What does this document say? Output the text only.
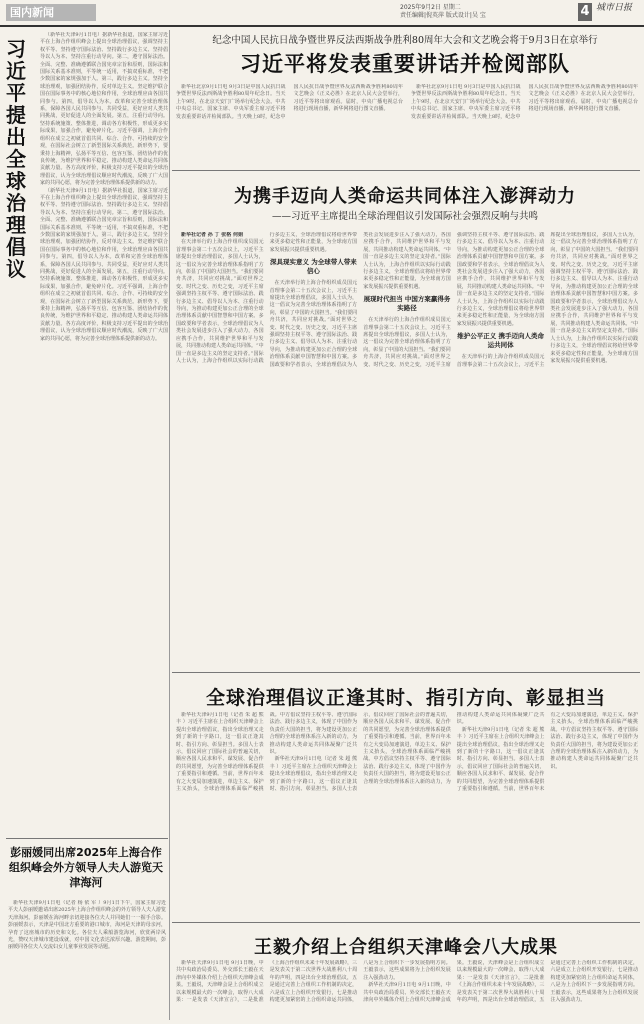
国内新闻	2025年9月2日 星期二
责任编辑|倪英萍 版式设计|吴 宝	4 城市日报
习近平提出全球治理倡议

（新华社天津9月1日电）据新华社报道，国家主席习近平在上海合作组织峰会上提出全球治理倡议，强调坚持主权平等、坚持遵守国际法治、坚持践行多边主义、坚持倡导以人为本、坚持注重行动导向。第二，遵守国际法治。全面、完整、准确遵循联合国宪章宗旨和原则，国际法和国际关系基本准则，平等统一适用，不搞双重标准，不把少数国家的家规强加于人。第三，践行多边主义。坚持全球治理观，加强团结协作，反对单边主义。坚定维护联合国在国际事务中的核心地位和作用，全球治理应由各国共同参与。第四，倡导以人为本。改革和完善全球治理体系，保障各国人民共同参与、共同受益，更好应对人类共同挑战，更好促进人的全面发展。第五，注重行动导向。坚持系统施策、整体推进，调动各方积极性，形成更多实际成果，加强合作，避免碎片化。习近平强调，上海合作组织在成立之初就首倡共同、综合、合作、可持续的安全观，在国际社会树立了新型国际关系典范。新形势下，要秉持上海精神，弘扬平等互信、包容互鉴、团结协作的优良传统，为维护世界和平稳定、推动构建人类命运共同体贡献力量。各方高度评价，积极支持习近平提出的全球治理倡议，认为全球治理倡议顺应时代潮流，反映了广大国家的共同心愿，将为完善全球治理体系提供新的动力。

（新华社天津9月1日电）据新华社报道，国家主席习近平在上海合作组织峰会上提出全球治理倡议，强调坚持主权平等、坚持遵守国际法治、坚持践行多边主义、坚持倡导以人为本、坚持注重行动导向。第二，遵守国际法治。全面、完整、准确遵循联合国宪章宗旨和原则，国际法和国际关系基本准则，平等统一适用，不搞双重标准，不把少数国家的家规强加于人。第三，践行多边主义。坚持全球治理观，加强团结协作，反对单边主义。坚定维护联合国在国际事务中的核心地位和作用，全球治理应由各国共同参与。第四，倡导以人为本。改革和完善全球治理体系，保障各国人民共同参与、共同受益，更好应对人类共同挑战，更好促进人的全面发展。第五，注重行动导向。坚持系统施策、整体推进，调动各方积极性，形成更多实际成果，加强合作，避免碎片化。习近平强调，上海合作组织在成立之初就首倡共同、综合、合作、可持续的安全观，在国际社会树立了新型国际关系典范。新形势下，要秉持上海精神，弘扬平等互信、包容互鉴、团结协作的优良传统，为维护世界和平稳定、推动构建人类命运共同体贡献力量。各方高度评价，积极支持习近平提出的全球治理倡议，认为全球治理倡议顺应时代潮流，反映了广大国家的共同心愿，将为完善全球治理体系提供新的动力。

纪念中国人民抗日战争暨世界反法西斯战争胜利80周年大会和文艺晚会将于9月3日在京举行
习近平将发表重要讲话并检阅部队

新华社北京9月1日电 9月3日是中国人民抗日战争暨世界反法西斯战争胜利80周年纪念日。当天上午9时，在北京天安门广场举行纪念大会。中共中央总书记、国家主席、中央军委主席习近平将发表重要讲话并检阅部队。当天晚上8时，纪念中国人民抗日战争暨世界反法西斯战争胜利80周年文艺晚会《正义必胜》在北京人民大会堂举行，习近平等将出席观看。届时，中央广播电视总台将进行现场直播，新华网将进行图文直播。

新华社北京9月1日电 9月3日是中国人民抗日战争暨世界反法西斯战争胜利80周年纪念日。当天上午9时，在北京天安门广场举行纪念大会。中共中央总书记、国家主席、中央军委主席习近平将发表重要讲话并检阅部队。当天晚上8时，纪念中国人民抗日战争暨世界反法西斯战争胜利80周年文艺晚会《正义必胜》在北京人民大会堂举行，习近平等将出席观看。届时，中央广播电视总台将进行现场直播，新华网将进行图文直播。

为携手迈向人类命运共同体注入澎湃动力
——习近平主席提出全球治理倡议引发国际社会强烈反响与共鸣

新华社记者 孙 丁 张格 何娟

在天津举行的上海合作组织成员国元首理事会第二十五次会议上，习近平主席提出全球治理倡议，多国人士认为，这一倡议为完善全球治理体系指明了方向，彰显了中国的大国担当。“我们要同舟共济，共同应对挑战。”面对世界之变、时代之变、历史之变，习近平主席强调坚持主权平等、遵守国际法治、践行多边主义、倡导以人为本、注重行动导向，为推动构建更加公正合理的全球治理体系贡献中国智慧和中国方案。多国政要和学者表示，全球治理倡议为人类社会发展进步注入了强大动力，各国应携手合作，共同维护世界和平与发展，共同推动构建人类命运共同体。“中国一直是多边主义的坚定支持者。”国际人士认为，上海合作组织以实际行动践行多边主义，全球治理倡议将给世界带来更多稳定性和正能量，为全球南方国家发展振兴提供重要机遇。

深具现实意义 为全球带人带来信心

在天津举行的上海合作组织成员国元首理事会第二十五次会议上，习近平主席提出全球治理倡议，多国人士认为，这一倡议为完善全球治理体系指明了方向，彰显了中国的大国担当。“我们要同舟共济，共同应对挑战。”面对世界之变、时代之变、历史之变，习近平主席强调坚持主权平等、遵守国际法治、践行多边主义、倡导以人为本、注重行动导向，为推动构建更加公正合理的全球治理体系贡献中国智慧和中国方案。多国政要和学者表示，全球治理倡议为人类社会发展进步注入了强大动力，各国应携手合作，共同维护世界和平与发展，共同推动构建人类命运共同体。“中国一直是多边主义的坚定支持者。”国际人士认为，上海合作组织以实际行动践行多边主义，全球治理倡议将给世界带来更多稳定性和正能量，为全球南方国家发展振兴提供重要机遇。

展现时代担当 中国方案赢得务实路径

在天津举行的上海合作组织成员国元首理事会第二十五次会议上，习近平主席提出全球治理倡议，多国人士认为，这一倡议为完善全球治理体系指明了方向，彰显了中国的大国担当。“我们要同舟共济，共同应对挑战。”面对世界之变、时代之变、历史之变，习近平主席强调坚持主权平等、遵守国际法治、践行多边主义、倡导以人为本、注重行动导向，为推动构建更加公正合理的全球治理体系贡献中国智慧和中国方案。多国政要和学者表示，全球治理倡议为人类社会发展进步注入了强大动力，各国应携手合作，共同维护世界和平与发展，共同推动构建人类命运共同体。“中国一直是多边主义的坚定支持者。”国际人士认为，上海合作组织以实际行动践行多边主义，全球治理倡议将给世界带来更多稳定性和正能量，为全球南方国家发展振兴提供重要机遇。

维护公平正义 携手迈向人类命运共同体

在天津举行的上海合作组织成员国元首理事会第二十五次会议上，习近平主席提出全球治理倡议，多国人士认为，这一倡议为完善全球治理体系指明了方向，彰显了中国的大国担当。“我们要同舟共济，共同应对挑战。”面对世界之变、时代之变、历史之变，习近平主席强调坚持主权平等、遵守国际法治、践行多边主义、倡导以人为本、注重行动导向，为推动构建更加公正合理的全球治理体系贡献中国智慧和中国方案。多国政要和学者表示，全球治理倡议为人类社会发展进步注入了强大动力，各国应携手合作，共同维护世界和平与发展，共同推动构建人类命运共同体。“中国一直是多边主义的坚定支持者。”国际人士认为，上海合作组织以实际行动践行多边主义，全球治理倡议将给世界带来更多稳定性和正能量，为全球南方国家发展振兴提供重要机遇。

全球治理倡议正逢其时、指引方向、彰显担当

新华社天津9月1日电（记者 朱 超 熊 丰 ）习近平主席在上合组织天津峰会上提出全球治理倡议，指出全球治理又走到了新的十字路口，这一倡议正逢其时、指引方向、彰显担当。多国人士表示，倡议回应了国际社会的普遍关切，顺应各国人民求和平、谋发展、促合作的共同愿望，为完善全球治理体系提供了重要指引和遵循。当前，世界百年未有之大变局加速演进，单边主义、保护主义抬头，全球治理体系面临严峻挑战。中方倡议坚持主权平等、遵守国际法治、践行多边主义，体现了中国作为负责任大国的担当，将为建设更加公正合理的全球治理体系注入新的动力，为推动构建人类命运共同体凝聚广泛共识。

新华社天津9月1日电（记者 朱 超 熊 丰 ）习近平主席在上合组织天津峰会上提出全球治理倡议，指出全球治理又走到了新的十字路口，这一倡议正逢其时、指引方向、彰显担当。多国人士表示，倡议回应了国际社会的普遍关切，顺应各国人民求和平、谋发展、促合作的共同愿望，为完善全球治理体系提供了重要指引和遵循。当前，世界百年未有之大变局加速演进，单边主义、保护主义抬头，全球治理体系面临严峻挑战。中方倡议坚持主权平等、遵守国际法治、践行多边主义，体现了中国作为负责任大国的担当，将为建设更加公正合理的全球治理体系注入新的动力，为推动构建人类命运共同体凝聚广泛共识。

新华社天津9月1日电（记者 朱 超 熊 丰 ）习近平主席在上合组织天津峰会上提出全球治理倡议，指出全球治理又走到了新的十字路口，这一倡议正逢其时、指引方向、彰显担当。多国人士表示，倡议回应了国际社会的普遍关切，顺应各国人民求和平、谋发展、促合作的共同愿望，为完善全球治理体系提供了重要指引和遵循。当前，世界百年未有之大变局加速演进，单边主义、保护主义抬头，全球治理体系面临严峻挑战。中方倡议坚持主权平等、遵守国际法治、践行多边主义，体现了中国作为负责任大国的担当，将为建设更加公正合理的全球治理体系注入新的动力，为推动构建人类命运共同体凝聚广泛共识。

王毅介绍上合组织天津峰会八大成果

新华社天津9月1日电 9月1日晚，中共中央政治局委员、外交部长王毅在天津向中外媒体介绍上合组织天津峰会成果。王毅说，天津峰会是上合组织成立以来规模最大的一次峰会，取得八大成果：一是发表《天津宣言》，二是批准《上海合作组织未来十年发展战略》，三是发表关于第二次世界大战胜利八十周年的声明，四是出台全球治理倡议，五是通过完善上合组织工作机制的决定，六是成立上合组织开发银行，七是推动构建更加紧密的上合组织命运共同体，八是为上合组织下一步发展指明方向。王毅表示，这些成果将为上合组织发展注入强劲动力。

新华社天津9月1日电 9月1日晚，中共中央政治局委员、外交部长王毅在天津向中外媒体介绍上合组织天津峰会成果。王毅说，天津峰会是上合组织成立以来规模最大的一次峰会，取得八大成果：一是发表《天津宣言》，二是批准《上海合作组织未来十年发展战略》，三是发表关于第二次世界大战胜利八十周年的声明，四是出台全球治理倡议，五是通过完善上合组织工作机制的决定，六是成立上合组织开发银行，七是推动构建更加紧密的上合组织命运共同体，八是为上合组织下一步发展指明方向。王毅表示，这些成果将为上合组织发展注入强劲动力。

彭丽媛同出席2025年上海合作组织峰会外方领导人夫人游览天津海河

新华社天津9月1日电（记者 杨 依 军 ）9月1日下午，国家主席习近平夫人彭丽媛邀请出席2025年上海合作组织峰会的外方领导人夫人游览天津海河。彭丽媛在海河畔亲切迎接各位夫人并同她们一一握手合影。彭丽媛表示，天津是中国北方重要的港口城市，海河是天津的母亲河，孕育了这座城市的历史和文化。各位夫人乘船游览海河，欣赏两岸风光，赞叹天津城市建设成就，对中国文化表达浓厚兴趣。游览期间，彭丽媛同各位夫人交流妇女儿童事业发展等话题。
